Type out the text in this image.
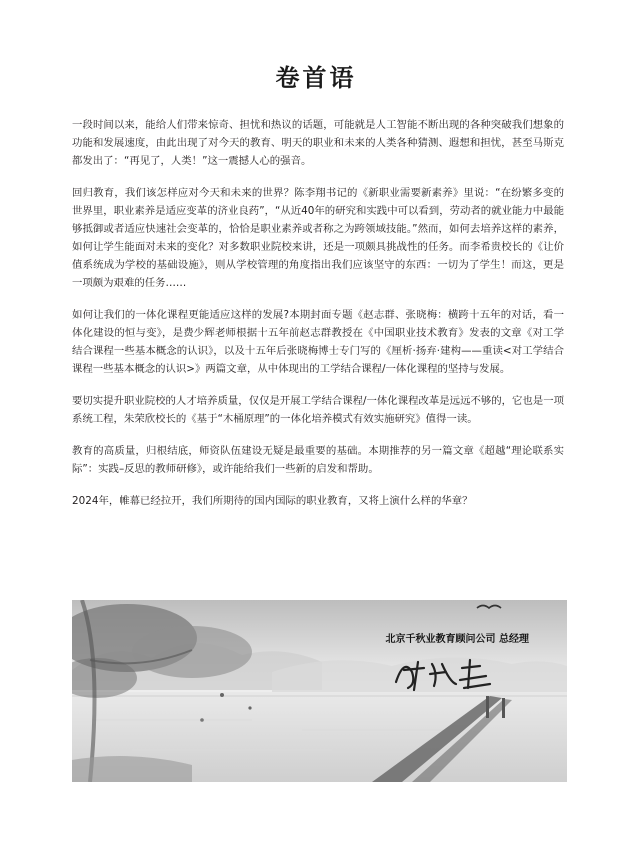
卷首语

一段时间以来，能给人们带来惊奇、担忧和热议的话题，可能就是人工智能不断出现的各种突破我们想象的功能和发展速度，由此出现了对今天的教育、明天的职业和未来的人类各种猜测、遐想和担忧，甚至马斯克都发出了：“再见了，人类！”这一震撼人心的强音。

回归教育，我们该怎样应对今天和未来的世界？陈李翔书记的《新职业需要新素养》里说：“在纷繁多变的世界里，职业素养是适应变革的济业良药”，“从近40年的研究和实践中可以看到，劳动者的就业能力中最能够抵御或者适应快速社会变革的，恰恰是职业素养或者称之为跨领域技能。”然而，如何去培养这样的素养，如何让学生能面对未来的变化？对多数职业院校来讲，还是一项颇具挑战性的任务。而李希贵校长的《让价值系统成为学校的基础设施》，则从学校管理的角度指出我们应该坚守的东西：一切为了学生！而这，更是一项颇为艰难的任务……

如何让我们的一体化课程更能适应这样的发展?本期封面专题《赵志群、张晓梅：横跨十五年的对话，看一体化建设的恒与变》，是费少辉老师根据十五年前赵志群教授在《中国职业技术教育》发表的文章《对工学结合课程一些基本概念的认识》，以及十五年后张晓梅博士专门写的《厘析·扬弃·建构——重读<对工学结合课程一些基本概念的认识>》两篇文章，从中体现出的工学结合课程/一体化课程的坚持与发展。

要切实提升职业院校的人才培养质量，仅仅是开展工学结合课程/一体化课程改革是远远不够的，它也是一项系统工程，朱荣欣校长的《基于“木桶原理”的一体化培养模式有效实施研究》值得一读。

教育的高质量，归根结底，师资队伍建设无疑是最重要的基础。本期推荐的另一篇文章《超越“理论联系实际”：实践–反思的教师研修》，或许能给我们一些新的启发和帮助。

2024年，帷幕已经拉开，我们所期待的国内国际的职业教育，又将上演什么样的华章？

北京千秋业教育顾问公司 总经理
